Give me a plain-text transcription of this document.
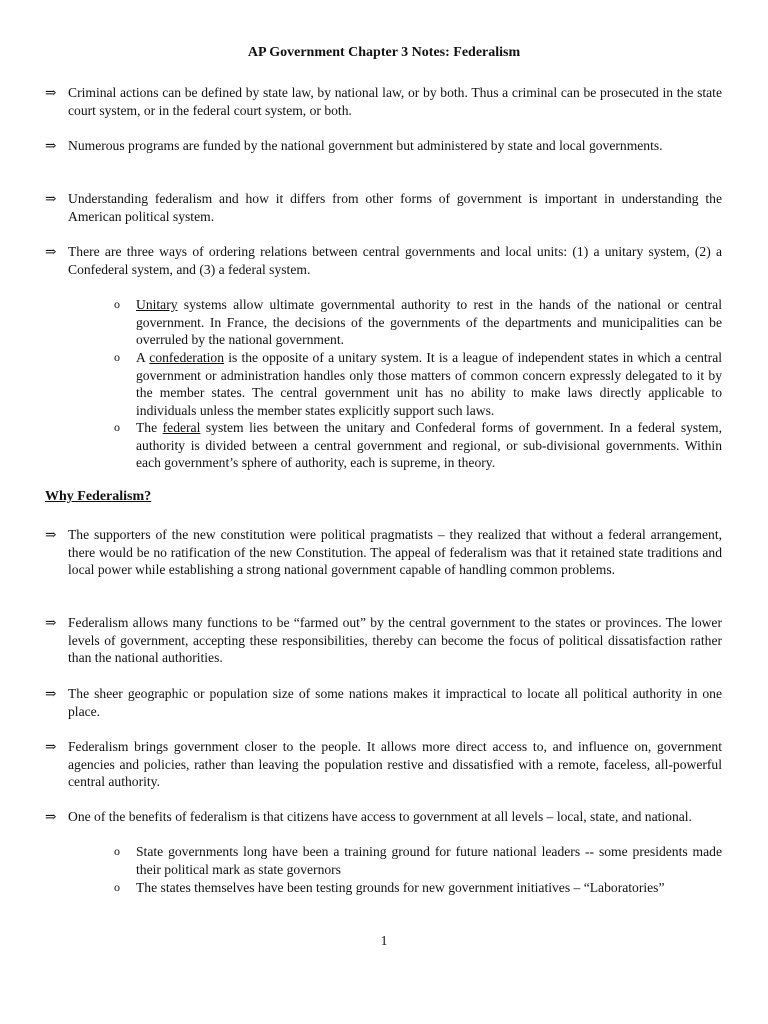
AP Government Chapter 3 Notes: Federalism
⇒ Criminal actions can be defined by state law, by national law, or by both. Thus a criminal can be prosecuted in the state court system, or in the federal court system, or both.
⇒ Numerous programs are funded by the national government but administered by state and local governments.
⇒ Understanding federalism and how it differs from other forms of government is important in understanding the American political system.
⇒ There are three ways of ordering relations between central governments and local units: (1) a unitary system, (2) a Confederal system, and (3) a federal system.
o Unitary systems allow ultimate governmental authority to rest in the hands of the national or central government. In France, the decisions of the governments of the departments and municipalities can be overruled by the national government.
o A confederation is the opposite of a unitary system. It is a league of independent states in which a central government or administration handles only those matters of common concern expressly delegated to it by the member states. The central government unit has no ability to make laws directly applicable to individuals unless the member states explicitly support such laws.
o The federal system lies between the unitary and Confederal forms of government. In a federal system, authority is divided between a central government and regional, or sub-divisional governments. Within each government’s sphere of authority, each is supreme, in theory.
Why Federalism?
⇒ The supporters of the new constitution were political pragmatists – they realized that without a federal arrangement, there would be no ratification of the new Constitution. The appeal of federalism was that it retained state traditions and local power while establishing a strong national government capable of handling common problems.
⇒ Federalism allows many functions to be “farmed out” by the central government to the states or provinces. The lower levels of government, accepting these responsibilities, thereby can become the focus of political dissatisfaction rather than the national authorities.
⇒ The sheer geographic or population size of some nations makes it impractical to locate all political authority in one place.
⇒ Federalism brings government closer to the people. It allows more direct access to, and influence on, government agencies and policies, rather than leaving the population restive and dissatisfied with a remote, faceless, all-powerful central authority.
⇒ One of the benefits of federalism is that citizens have access to government at all levels – local, state, and national.
o State governments long have been a training ground for future national leaders -- some presidents made their political mark as state governors
o The states themselves have been testing grounds for new government initiatives – “Laboratories”
1
